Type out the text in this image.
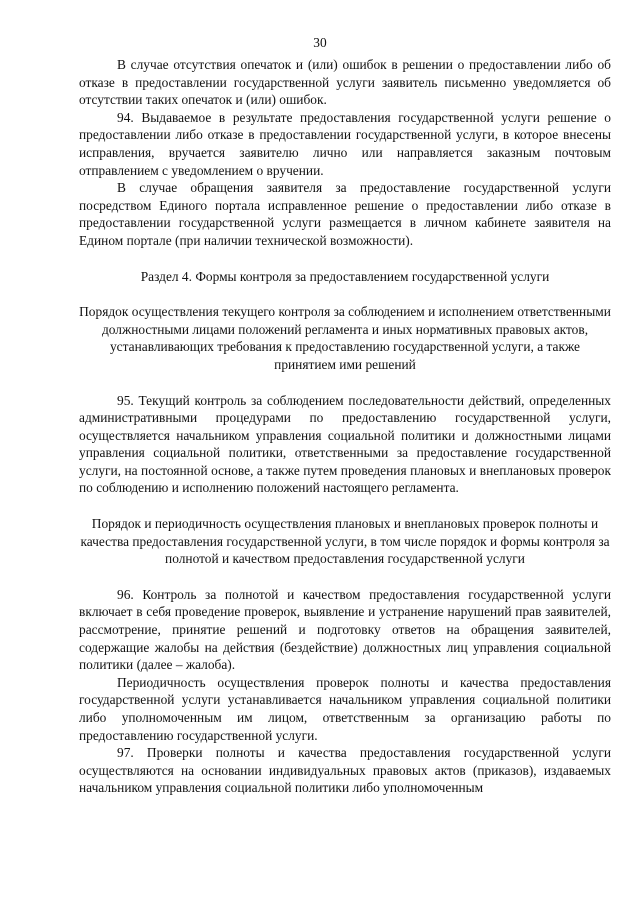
30

В случае отсутствия опечаток и (или) ошибок в решении о предоставлении либо об отказе в предоставлении государственной услуги заявитель письменно уведомляется об отсутствии таких опечаток и (или) ошибок.

94. Выдаваемое в результате предоставления государственной услуги решение о предоставлении либо отказе в предоставлении государственной услуги, в которое внесены исправления, вручается заявителю лично или направляется заказным почтовым отправлением с уведомлением о вручении.

В случае обращения заявителя за предоставление государственной услуги посредством Единого портала исправленное решение о предоставлении либо отказе в предоставлении государственной услуги размещается в личном кабинете заявителя на Едином портале (при наличии технической возможности).

Раздел 4. Формы контроля за предоставлением государственной услуги

Порядок осуществления текущего контроля за соблюдением и исполнением ответственными должностными лицами положений регламента и иных нормативных правовых актов, устанавливающих требования к предоставлению государственной услуги, а также принятием ими решений

95. Текущий контроль за соблюдением последовательности действий, определенных административными процедурами по предоставлению государственной услуги, осуществляется начальником управления социальной политики и должностными лицами управления социальной политики, ответственными за предоставление государственной услуги, на постоянной основе, а также путем проведения плановых и внеплановых проверок по соблюдению и исполнению положений настоящего регламента.

Порядок и периодичность осуществления плановых и внеплановых проверок полноты и качества предоставления государственной услуги, в том числе порядок и формы контроля за полнотой и качеством предоставления государственной услуги

96. Контроль за полнотой и качеством предоставления государственной услуги включает в себя проведение проверок, выявление и устранение нарушений прав заявителей, рассмотрение, принятие решений и подготовку ответов на обращения заявителей, содержащие жалобы на действия (бездействие) должностных лиц управления социальной политики (далее – жалоба).

Периодичность осуществления проверок полноты и качества предоставления государственной услуги устанавливается начальником управления социальной политики либо уполномоченным им лицом, ответственным за организацию работы по предоставлению государственной услуги.

97. Проверки полноты и качества предоставления государственной услуги осуществляются на основании индивидуальных правовых актов (приказов), издаваемых начальником управления социальной политики либо уполномоченным
